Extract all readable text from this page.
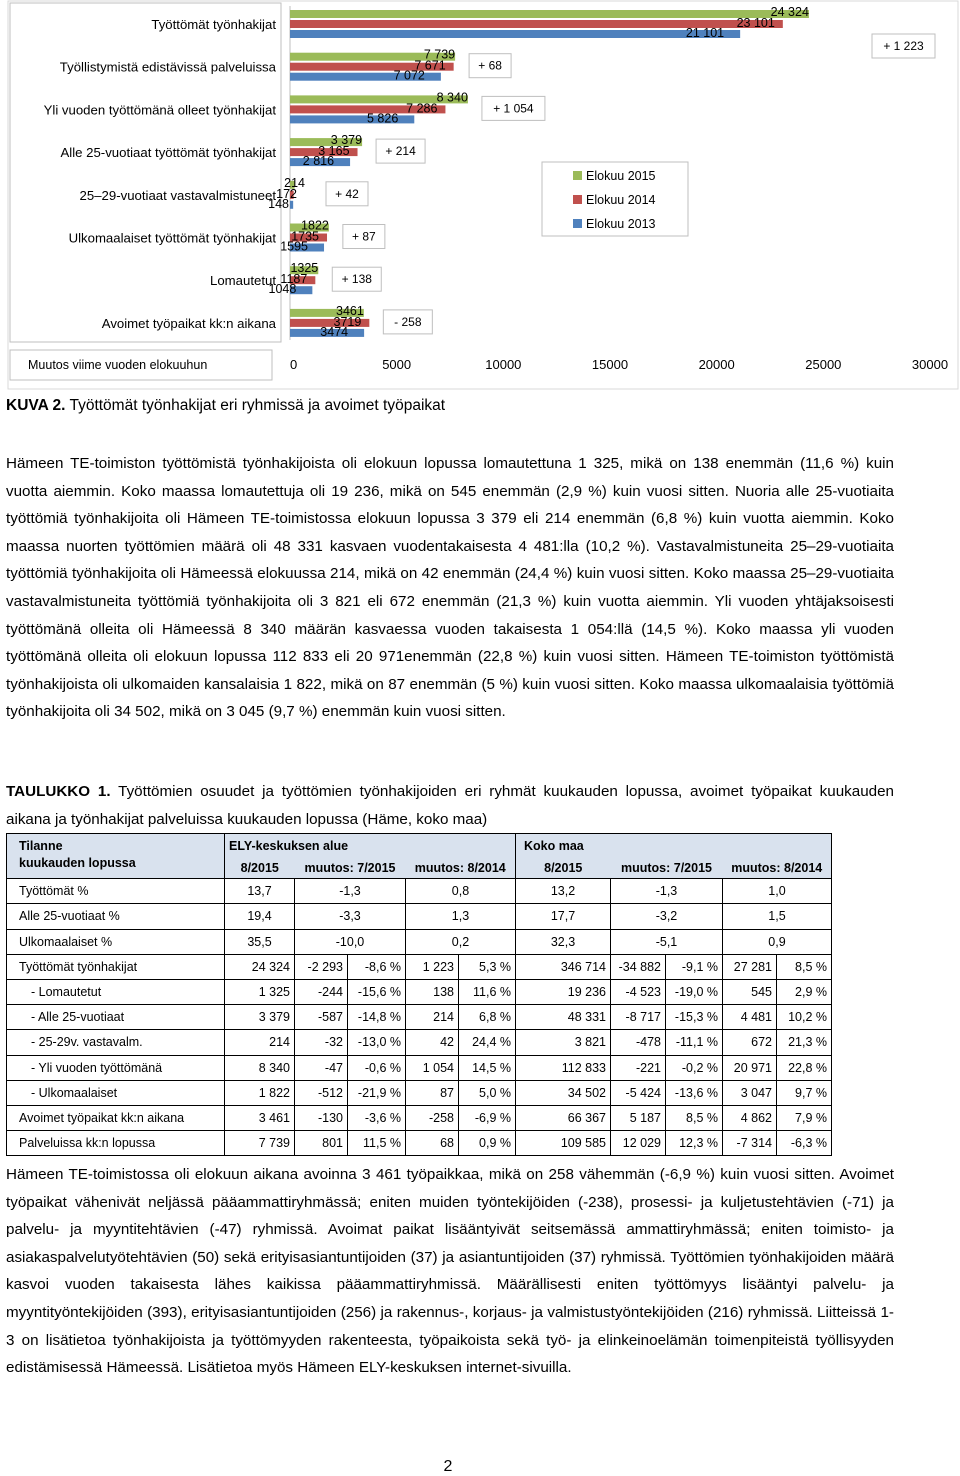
Työttömät työnhakijat
24 324
23 101
21 101
+ 1 223
Työllistymistä edistävissä palveluissa
7 739
7 671
7 072
+ 68
Yli vuoden työttömänä olleet työnhakijat
8 340
7 286
5 826
+ 1 054
Alle 25-vuotiaat työttömät työnhakijat
3 379
3 165
2 816
+ 214
25–29-vuotiaat vastavalmistuneet
214
172
148
+ 42
Ulkomaalaiset työttömät työnhakijat
1822
1735
1595
+ 87
Lomautetut
1325
1187
1048
+ 138
Avoimet työpaikat kk:n aikana
3461
3719
3474
- 258
Elokuu 2015
Elokuu 2014
Elokuu 2013
Muutos viime vuoden elokuuhun	0	5000	10000	15000	20000	25000	30000
KUVA 2. Työttömät työnhakijat eri ryhmissä ja avoimet työpaikat
Hämeen TE-toimiston työttömistä työnhakijoista oli elokuun lopussa lomautettuna 1 325, mikä on 138 enemmän (11,6 %) kuin vuotta aiemmin. Koko maassa lomautettuja oli 19 236, mikä on 545 enemmän (2,9 %) kuin vuosi sitten. Nuoria alle 25-vuotiaita työttömiä työnhakijoita oli Hämeen TE-toimistossa elokuun lopussa 3 379 eli 214 enemmän (6,8 %) kuin vuotta aiemmin. Koko maassa nuorten työttömien määrä oli 48 331 kasvaen vuodentakaisesta 4 481:lla (10,2 %). Vastavalmistuneita 25–29-vuotiaita työttömiä työnhakijoita oli Hämeessä elokuussa 214, mikä on 42 enemmän (24,4 %) kuin vuosi sitten. Koko maassa 25–29-vuotiaita vastavalmistuneita työttömiä työnhakijoita oli 3 821 eli 672 enemmän (21,3 %) kuin vuotta aiemmin. Yli vuoden yhtäjaksoisesti työttömänä olleita oli Hämeessä 8 340 määrän kasvaessa vuoden takaisesta 1 054:llä (14,5 %). Koko maassa yli vuoden työttömänä olleita oli elokuun lopussa 112 833 eli 20 971enemmän (22,8 %) kuin vuosi sitten. Hämeen TE-toimiston työttömistä työnhakijoista oli ulkomaiden kansalaisia 1 822, mikä on 87 enemmän (5 %) kuin vuosi sitten. Koko maassa ulkomaalaisia työttömiä työnhakijoita oli 34 502, mikä on 3 045 (9,7 %) enemmän kuin vuosi sitten.
TAULUKKO 1. Työttömien osuudet ja työttömien työnhakijoiden eri ryhmät kuukauden lopussa, avoimet työpaikat kuukauden aikana ja työnhakijat palveluissa kuukauden lopussa (Häme, koko maa)
Tilanne
kuukauden lopussa	ELY-keskuksen alue					Koko maa				
	8/2015	muutos: 7/2015		muutos: 8/2014		8/2015	muutos: 7/2015		muutos: 8/2014	
Työttömät %	13,7	-1,3		0,8		13,2	-1,3		1,0	
Alle 25-vuotiaat %	19,4	-3,3		1,3		17,7	-3,2		1,5	
Ulkomaalaiset %	35,5	-10,0		0,2		32,3	-5,1		0,9	
Työttömät työnhakijat	24 324	-2 293	-8,6 %	1 223	5,3 %	346 714	-34 882	-9,1 %	27 281	8,5 %
- Lomautetut	1 325	-244	-15,6 %	138	11,6 %	19 236	-4 523	-19,0 %	545	2,9 %
- Alle 25-vuotiaat	3 379	-587	-14,8 %	214	6,8 %	48 331	-8 717	-15,3 %	4 481	10,2 %
- 25-29v. vastavalm.	214	-32	-13,0 %	42	24,4 %	3 821	-478	-11,1 %	672	21,3 %
- Yli vuoden työttömänä	8 340	-47	-0,6 %	1 054	14,5 %	112 833	-221	-0,2 %	20 971	22,8 %
- Ulkomaalaiset	1 822	-512	-21,9 %	87	5,0 %	34 502	-5 424	-13,6 %	3 047	9,7 %
Avoimet työpaikat kk:n aikana	3 461	-130	-3,6 %	-258	-6,9 %	66 367	5 187	8,5 %	4 862	7,9 %
Palveluissa kk:n lopussa	7 739	801	11,5 %	68	0,9 %	109 585	12 029	12,3 %	-7 314	-6,3 %
Hämeen TE-toimistossa oli elokuun aikana avoinna 3 461 työpaikkaa, mikä on 258 vähemmän (-6,9 %) kuin vuosi sitten. Avoimet työpaikat vähenivät neljässä pääammattiryhmässä; eniten muiden työntekijöiden (-238), prosessi- ja kuljetustehtävien (-71) ja palvelu- ja myyntitehtävien (-47) ryhmissä. Avoimat paikat lisääntyivät seitsemässä ammattiryhmässä; eniten toimisto- ja asiakaspalvelutyötehtävien (50) sekä erityisasiantuntijoiden (37) ja asiantuntijoiden (37) ryhmissä. Työttömien työnhakijoiden määrä kasvoi vuoden takaisesta lähes kaikissa pääammattiryhmissä. Määrällisesti eniten työttömyys lisääntyi palvelu- ja myyntityöntekijöiden (393), erityisasiantuntijoiden (256) ja rakennus-, korjaus- ja valmistustyöntekijöiden (216) ryhmissä. Liitteissä 1-3 on lisätietoa työnhakijoista ja työttömyyden rakenteesta, työpaikoista sekä työ- ja elinkeinoelämän toimenpiteistä työllisyyden edistämisessä Hämeessä. Lisätietoa myös Hämeen ELY-keskuksen internet-sivuilla.
2
